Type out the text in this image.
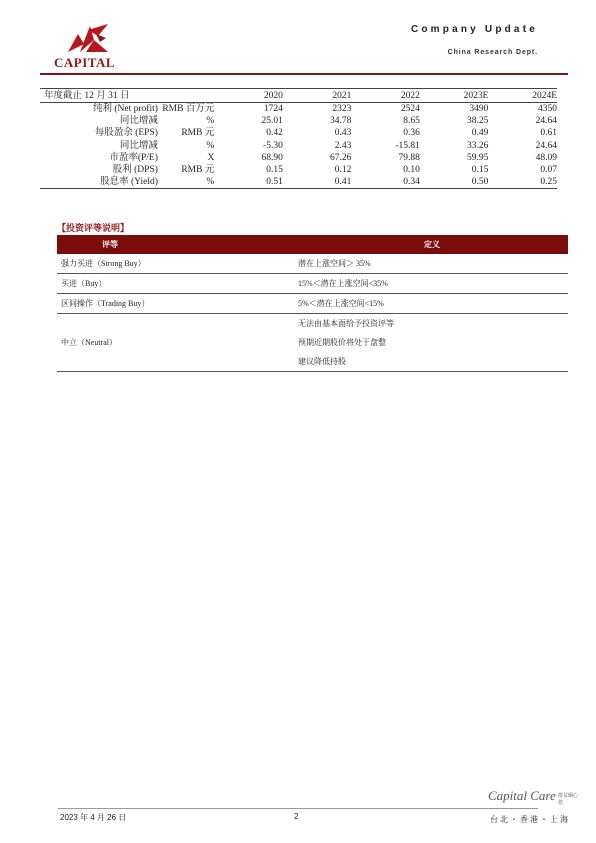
CAPITAL
Company Update
China Research Dept.
年度截止 12 月 31 日		2020	2021	2022	2023E	2024E
纯利 (Net profit)	RMB 百万元	1724	2323	2524	3490	4350
同比增减	%	25.01	34.78	8.65	38.25	24.64
每股盈余 (EPS)	RMB 元	0.42	0.43	0.36	0.49	0.61
同比增减	%	-5.30	2.43	-15.81	33.26	24.64
市盈率(P/E)	X	68.90	67.26	79.88	59.95	48.09
股利 (DPS)	RMB 元	0.15	0.12	0.10	0.15	0.07
股息率 (Yield)	%	0.51	0.41	0.34	0.50	0.25
【投资评等说明】
评等	定义
强力买进（Strong Buy）	潜在上涨空间＞ 35%

买进（Buy）	15%＜潜在上涨空间<35%

区间操作（Trading Buy）	5%＜潜在上涨空间<15%

中立（Neutral）	无法由基本面给予投资评等
预期近期股价将处于盘整
建议降低持股
Capital Care 群益關心您
台北・香港・上海
2023 年 4 月 26 日	2
